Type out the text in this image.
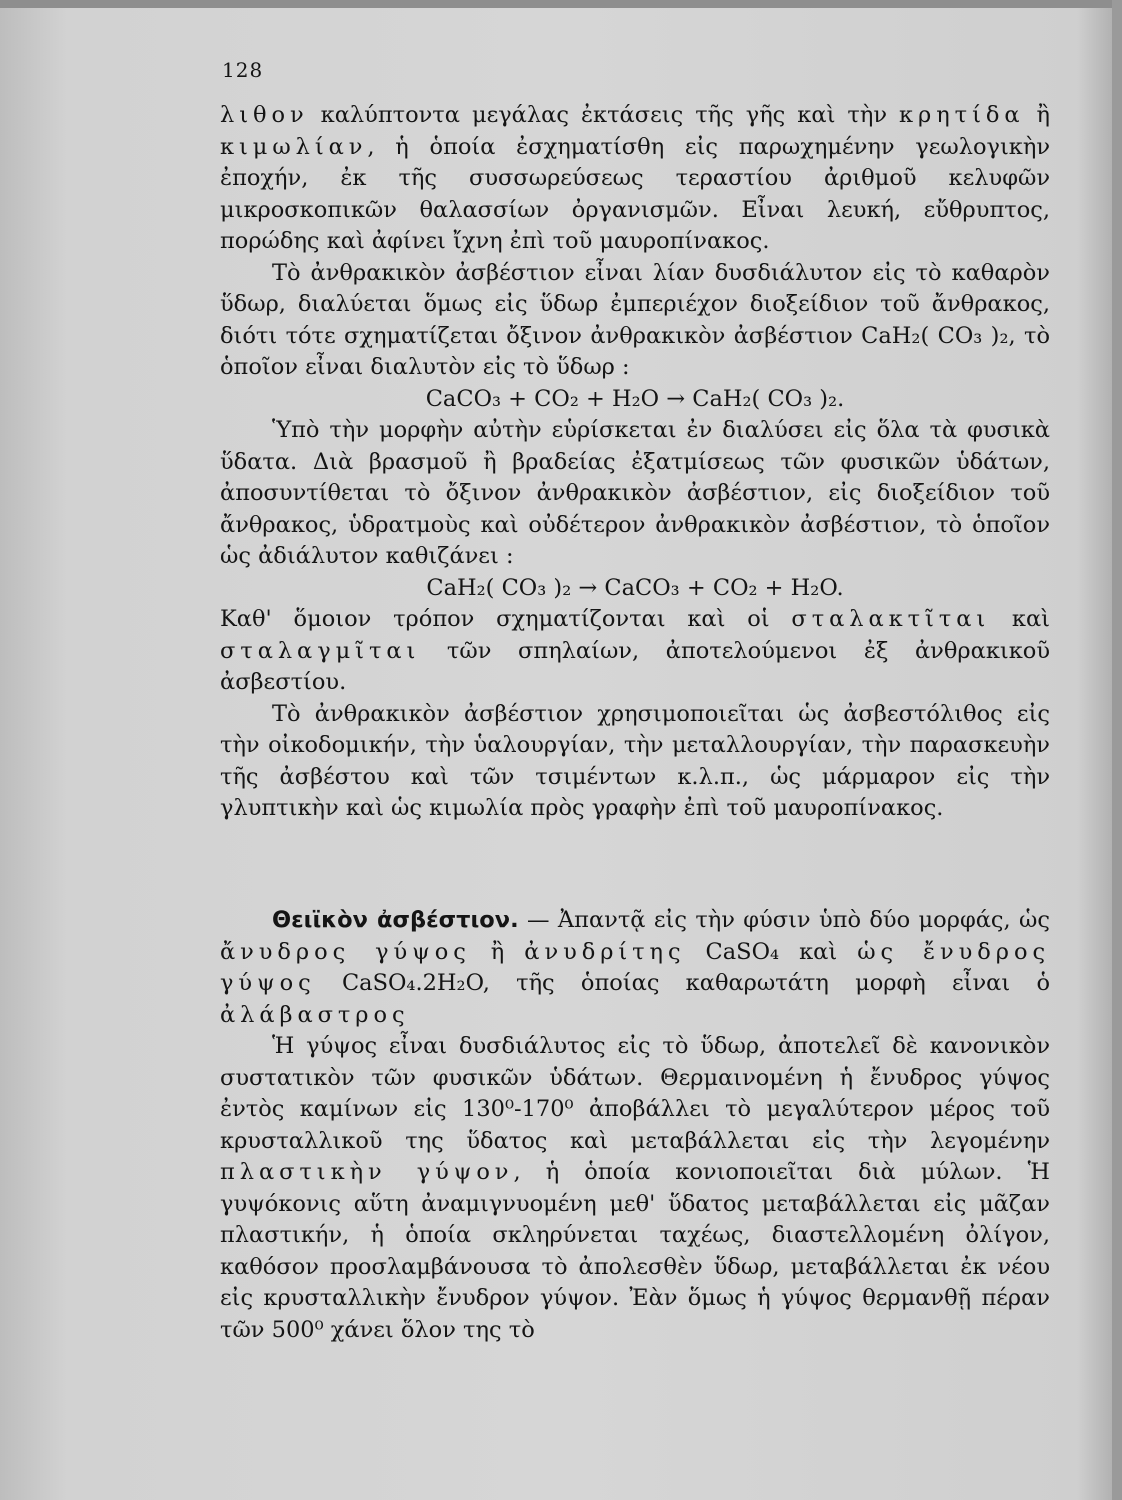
128

λιθον καλύπτοντα μεγάλας ἐκτάσεις τῆς γῆς καὶ τὴν κρητίδα ἢ κιμωλίαν, ἡ ὁποία ἐσχηματίσθη εἰς παρωχημένην γεωλογικὴν ἐποχήν, ἐκ τῆς συσσωρεύσεως τεραστίου ἀριθμοῦ κελυφῶν μικροσκοπικῶν θαλασσίων ὀργανισμῶν. Εἶναι λευκή, εὔθρυπτος, πορώδης καὶ ἀφίνει ἴχνη ἐπὶ τοῦ μαυροπίνακος.

Τὸ ἀνθρακικὸν ἀσβέστιον εἶναι λίαν δυσδιάλυτον εἰς τὸ καθαρὸν ὕδωρ, διαλύεται ὅμως εἰς ὕδωρ ἐμπεριέχον διοξείδιον τοῦ ἄνθρακος, διότι τότε σχηματίζεται ὄξινον ἀνθρακικὸν ἀσβέστιον CaH₂( CO₃ )₂, τὸ ὁποῖον εἶναι διαλυτὸν εἰς τὸ ὕδωρ :

CaCO₃ + CO₂ + H₂O → CaH₂( CO₃ )₂.

Ὑπὸ τὴν μορφὴν αὐτὴν εὑρίσκεται ἐν διαλύσει εἰς ὅλα τὰ φυσικὰ ὕδατα. Διὰ βρασμοῦ ἢ βραδείας ἐξατμίσεως τῶν φυσικῶν ὑδάτων, ἀποσυντίθεται τὸ ὄξινον ἀνθρακικὸν ἀσβέστιον, εἰς διοξείδιον τοῦ ἄνθρακος, ὑδρατμοὺς καὶ οὐδέτερον ἀνθρακικὸν ἀσβέστιον, τὸ ὁποῖον ὡς ἀδιάλυτον καθιζάνει :

CaH₂( CO₃ )₂ → CaCO₃ + CO₂ + H₂O.

Καθ' ὅμοιον τρόπον σχηματίζονται καὶ οἱ σταλακτῖται καὶ σταλαγμῖται τῶν σπηλαίων, ἀποτελούμενοι ἐξ ἀνθρακικοῦ ἀσβεστίου.

Τὸ ἀνθρακικὸν ἀσβέστιον χρησιμοποιεῖται ὡς ἀσβεστόλιθος εἰς τὴν οἰκοδομικήν, τὴν ὑαλουργίαν, τὴν μεταλλουργίαν, τὴν παρασκευὴν τῆς ἀσβέστου καὶ τῶν τσιμέντων κ.λ.π., ὡς μάρμαρον εἰς τὴν γλυπτικὴν καὶ ὡς κιμωλία πρὸς γραφὴν ἐπὶ τοῦ μαυροπίνακος.

Θειϊκὸν ἀσβέστιον. — Ἀπαντᾷ εἰς τὴν φύσιν ὑπὸ δύο μορφάς, ὡς ἄνυδρος γύψος ἢ ἀνυδρίτης CaSO₄ καὶ ὡς ἔνυδρος γύψος CaSO₄.2H₂O, τῆς ὁποίας καθαρωτάτη μορφὴ εἶναι ὁ ἀλάβαστρος

Ἡ γύψος εἶναι δυσδιάλυτος εἰς τὸ ὕδωρ, ἀποτελεῖ δὲ κανονικὸν συστατικὸν τῶν φυσικῶν ὑδάτων. Θερμαινομένη ἡ ἔνυδρος γύψος ἐντὸς καμίνων εἰς 130⁰-170⁰ ἀποβάλλει τὸ μεγαλύτερον μέρος τοῦ κρυσταλλικοῦ της ὕδατος καὶ μεταβάλλεται εἰς τὴν λεγομένην πλαστικὴν γύψον, ἡ ὁποία κονιοποιεῖται διὰ μύλων. Ἡ γυψόκονις αὕτη ἀναμιγνυομένη μεθ' ὕδατος μεταβάλλεται εἰς μᾶζαν πλαστικήν, ἡ ὁποία σκληρύνεται ταχέως, διαστελλομένη ὀλίγον, καθόσον προσλαμβάνουσα τὸ ἀπολεσθὲν ὕδωρ, μεταβάλλεται ἐκ νέου εἰς κρυσταλλικὴν ἔνυδρον γύψον. Ἐὰν ὅμως ἡ γύψος θερμανθῇ πέραν τῶν 500⁰ χάνει ὅλον της τὸ
